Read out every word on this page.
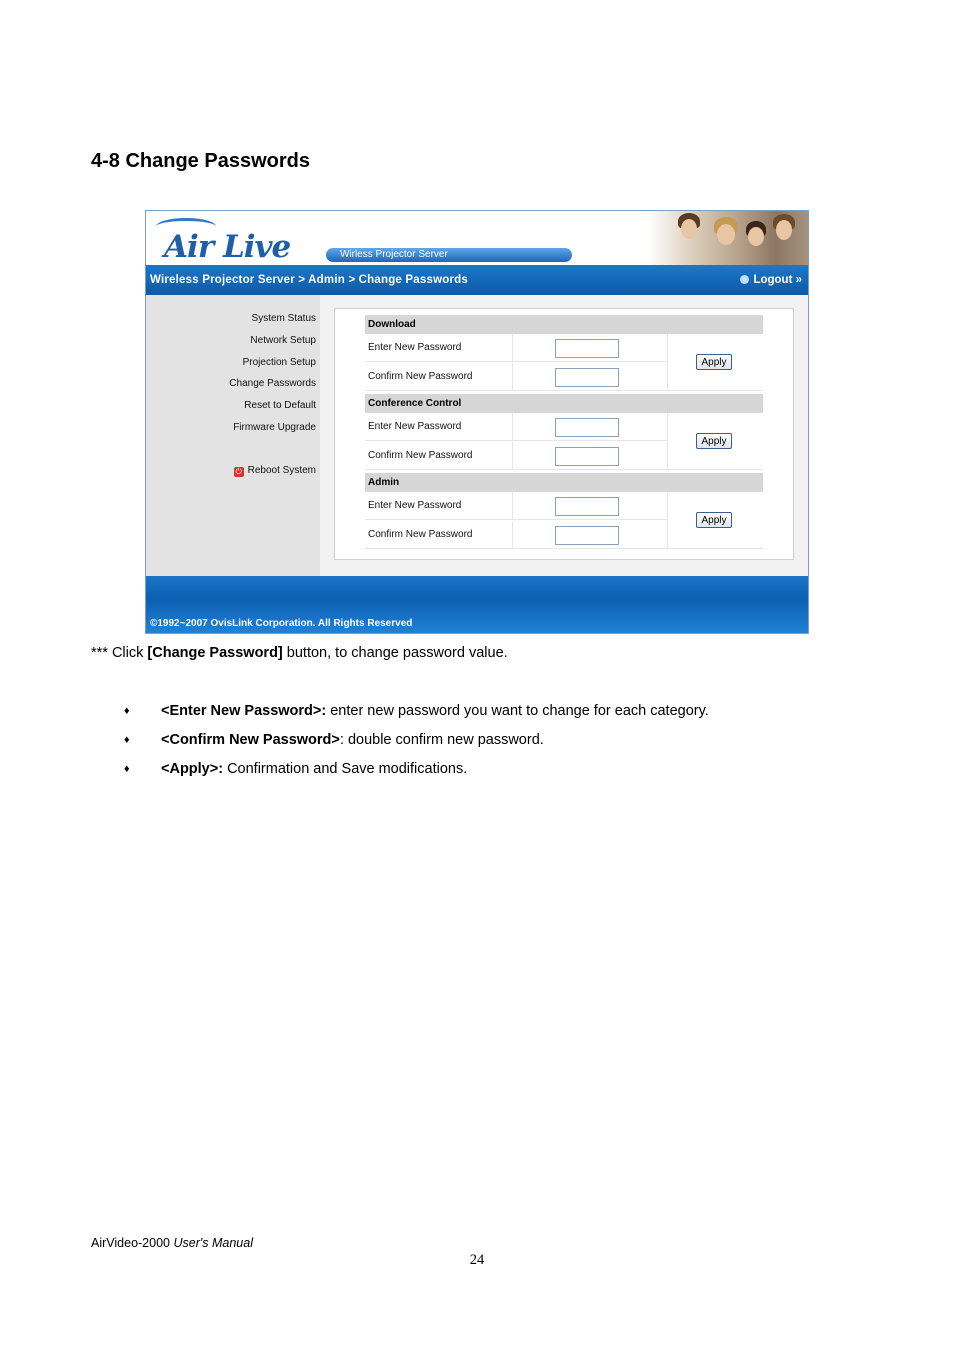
4-8 Change Passwords
Air Live	Wirless Projector Server
Wireless Projector Server > Admin > Change Passwords	Logout »
System Status
Network Setup
Projection Setup
Change Passwords
Reset to Default
Firmware Upgrade
⏻ Reboot System
Download
Enter New Password
Confirm New Password
Apply
Conference Control
Enter New Password
Confirm New Password
Apply
Admin
Enter New Password
Confirm New Password
Apply
©1992~2007 OvisLink Corporation. All Rights Reserved
*** Click [Change Password] button, to change password value.
♦ <Enter New Password>: enter new password you want to change for each category.
♦ <Confirm New Password>: double confirm new password.
♦ <Apply>: Confirmation and Save modifications.
AirVideo-2000 User's Manual
24
